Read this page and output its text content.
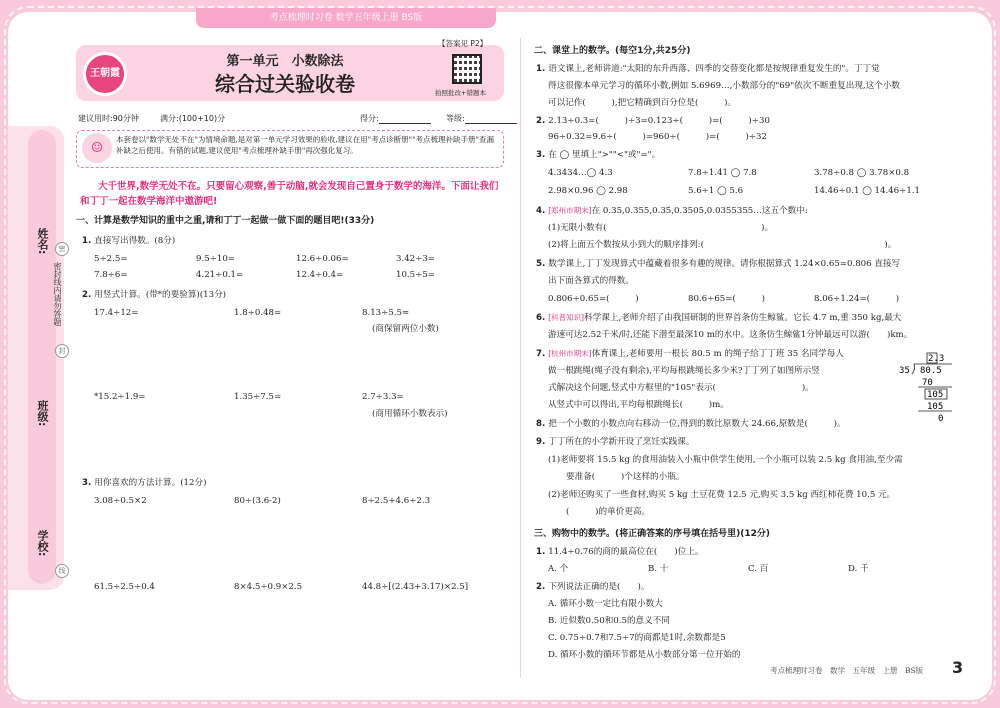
考点梳理时习卷 数学五年级上册 BS版
姓名:
班级:
学校:
密封线内请勿答题
密
封
线
王朝霞
第一单元　小数除法
综合过关验收卷
【答案见 P2】
拍照批改+错题本
建议用时:90分钟	满分:(100+10)分	得分:	等级:
☺
本套卷以"数学无处不在"为情境命题,是对第一单元学习效果的验收,建议在用"考点诊断册""考点梳理补缺手册"查漏补缺之后使用。有错的试题,建议使用"考点梳理补缺手册"再次强化复习。
大千世界,数学无处不在。只要留心观察,善于动脑,就会发现自己置身于数学的海洋。下面让我们和丁丁一起在数学海洋中遨游吧!
一、计算是数学知识的重中之重,请和丁丁一起做一做下面的题目吧!(33分)
1. 直接写出得数。(8分)
5÷2.5=	9.5÷10=	12.6÷0.06=	3.42÷3=
7.8÷6=	4.21÷0.1=	12.4÷0.4=	10.5÷5=
2. 用竖式计算。(带*的要验算)(13分)
17.4÷12=	1.8÷0.48=	8.13÷5.5≈
(商保留两位小数)
*15.2÷1.9=	1.35÷7.5=	2.7÷3.3=
(商用循环小数表示)
3. 用你喜欢的方法计算。(12分)
3.08÷0.5×2	80÷(3.6-2)	8÷2.5+4.6÷2.3
61.5÷2.5÷0.4	8×4.5÷0.9×2.5	44.8÷[(2.43+3.17)×2.5]
二、课堂上的数学。(每空1分,共25分)
1. 语文课上,老师讲道:"太阳的东升西落、四季的交替变化都是按规律重复发生的"。丁丁觉
得这很像本单元学习的循环小数,例如 5.6969…,小数部分的"69"依次不断重复出现,这个小数
可以记作(　　　),把它精确到百分位是(　　　)。
2. 2.13÷0.3=(　　　)÷3=0.123÷(　　　)=(　　　)÷30
96÷0.32=9.6÷(　　　)=960÷(　　　)=(　　　)÷32
3. 在 ◯ 里填上">""<"或"="。
4.3434…◯ 4.3	7.8÷1.41 ◯ 7.8	3.78÷0.8 ◯ 3.78×0.8
2.98×0.96 ◯ 2.98	5.6÷1 ◯ 5.6	14.46÷0.1 ◯ 14.46÷1.1
4. [郑州市期末]在 0.35,0.355,0.35̇,0.3505,0.0355355…这五个数中:
(1)无限小数有(　　　　　　　　　　　　　　　　　　)。
(2)将上面五个数按从小到大的顺序排列:(　　　　　　　　　　　　　　　　　　　　　)。
5. 数学课上,丁丁发现算式中蕴藏着很多有趣的规律。请你根据算式 1.24×0.65=0.806 直接写
出下面各算式的得数。
0.806÷0.65=(　　　)	80.6÷65=(　　　)	8.06÷1.24=(　　　)
6. [科普知识]科学课上,老师介绍了由我国研制的世界首条仿生鲸鲨。它长 4.7 m,重 350 kg,最大
游速可达2.52千米/时,还能下潜至最深10 m的水中。这条仿生鲸鲨1分钟最远可以游(　　)km。
7. [杭州市期末]体育课上,老师要用一根长 80.5 m 的绳子给丁丁班 35 名同学每人
做一根跳绳(绳子没有剩余),平均每根跳绳长多少米?丁丁列了如图所示竖
式解决这个问题,竖式中方框里的"105"表示(　　　　　　　　　　)。
从竖式中可以得出,平均每根跳绳长(　　　)m。
2.3
35 80.5
70
105
105
0
8. 把一个小数的小数点向右移动一位,得到的数比原数大 24.66,原数是(　　　)。
9. 丁丁所在的小学新开设了烹饪实践课。
(1)老师要将 15.5 kg 的食用油装入小瓶中供学生使用,一个小瓶可以装 2.5 kg 食用油,至少需
要准备(　　　)个这样的小瓶。
(2)老师还购买了一些食材,购买 5 kg 土豆花费 12.5 元,购买 3.5 kg 西红柿花费 10.5 元。
(　　　)的单价更高。
三、购物中的数学。(将正确答案的序号填在括号里)(12分)
1. 11.4÷0.76的商的最高位在(　　)位上。
A. 个	B. 十	C. 百	D. 千
2. 下列说法正确的是(　　)。
A. 循环小数一定比有限小数大
B. 近似数0.50和0.5的意义不同
C. 0.75÷0.7和7.5÷7的商都是1时,余数都是5
D. 循环小数的循环节都是从小数部分第一位开始的
考点梳理时习卷　数学　五年级　上册　BS版 3
